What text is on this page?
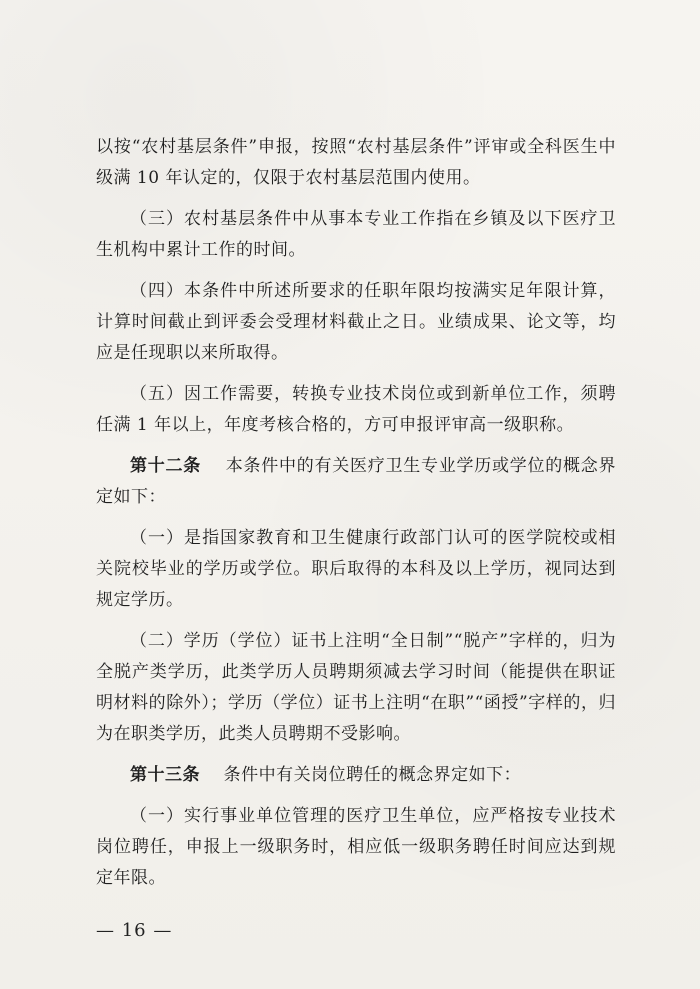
以按“农村基层条件”申报，按照“农村基层条件”评审或全科医生中级满 10 年认定的，仅限于农村基层范围内使用。

（三）农村基层条件中从事本专业工作指在乡镇及以下医疗卫生机构中累计工作的时间。

（四）本条件中所述所要求的任职年限均按满实足年限计算，计算时间截止到评委会受理材料截止之日。业绩成果、论文等，均应是任现职以来所取得。

（五）因工作需要，转换专业技术岗位或到新单位工作，须聘任满 1 年以上，年度考核合格的，方可申报评审高一级职称。

第十二条 本条件中的有关医疗卫生专业学历或学位的概念界定如下：

（一）是指国家教育和卫生健康行政部门认可的医学院校或相关院校毕业的学历或学位。职后取得的本科及以上学历，视同达到规定学历。

（二）学历（学位）证书上注明“全日制”“脱产”字样的，归为全脱产类学历，此类学历人员聘期须减去学习时间（能提供在职证明材料的除外）；学历（学位）证书上注明“在职”“函授”字样的，归为在职类学历，此类人员聘期不受影响。

第十三条 条件中有关岗位聘任的概念界定如下：

（一）实行事业单位管理的医疗卫生单位，应严格按专业技术岗位聘任，申报上一级职务时，相应低一级职务聘任时间应达到规定年限。

— 16 —
